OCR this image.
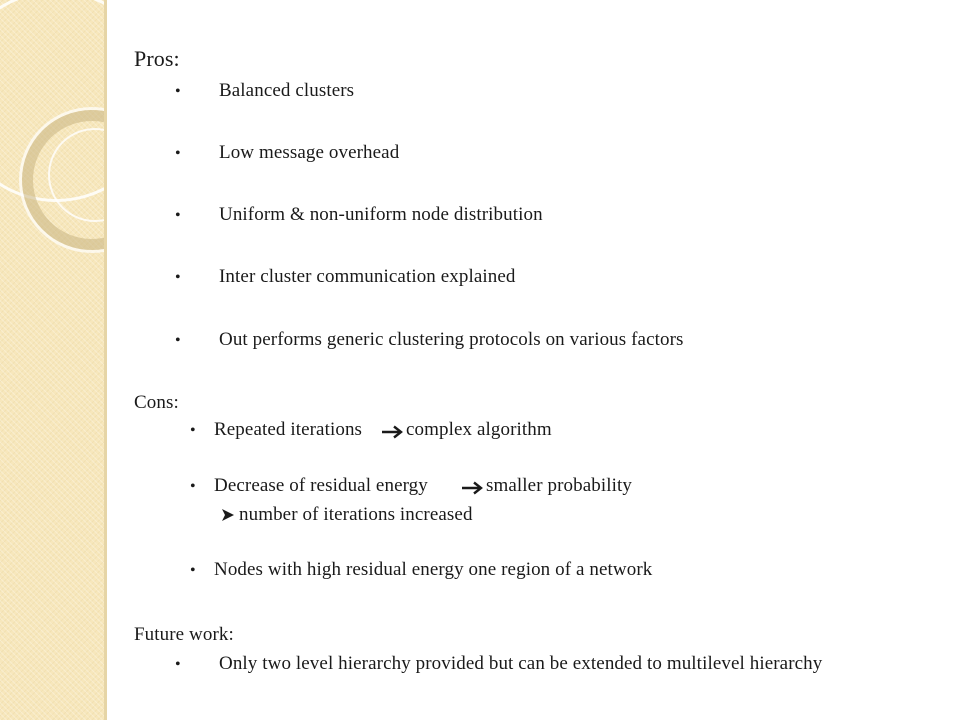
Pros:
• Balanced clusters
• Low message overhead
• Uniform & non-uniform node distribution
• Inter cluster communication explained
• Out performs generic clustering protocols on various factors
Cons:
• Repeated iterations complex algorithm
• Decrease of residual energy	smaller probability
number of iterations increased
• Nodes with high residual energy one region of a network
Future work:
• Only two level hierarchy provided but can be extended to multilevel hierarchy
